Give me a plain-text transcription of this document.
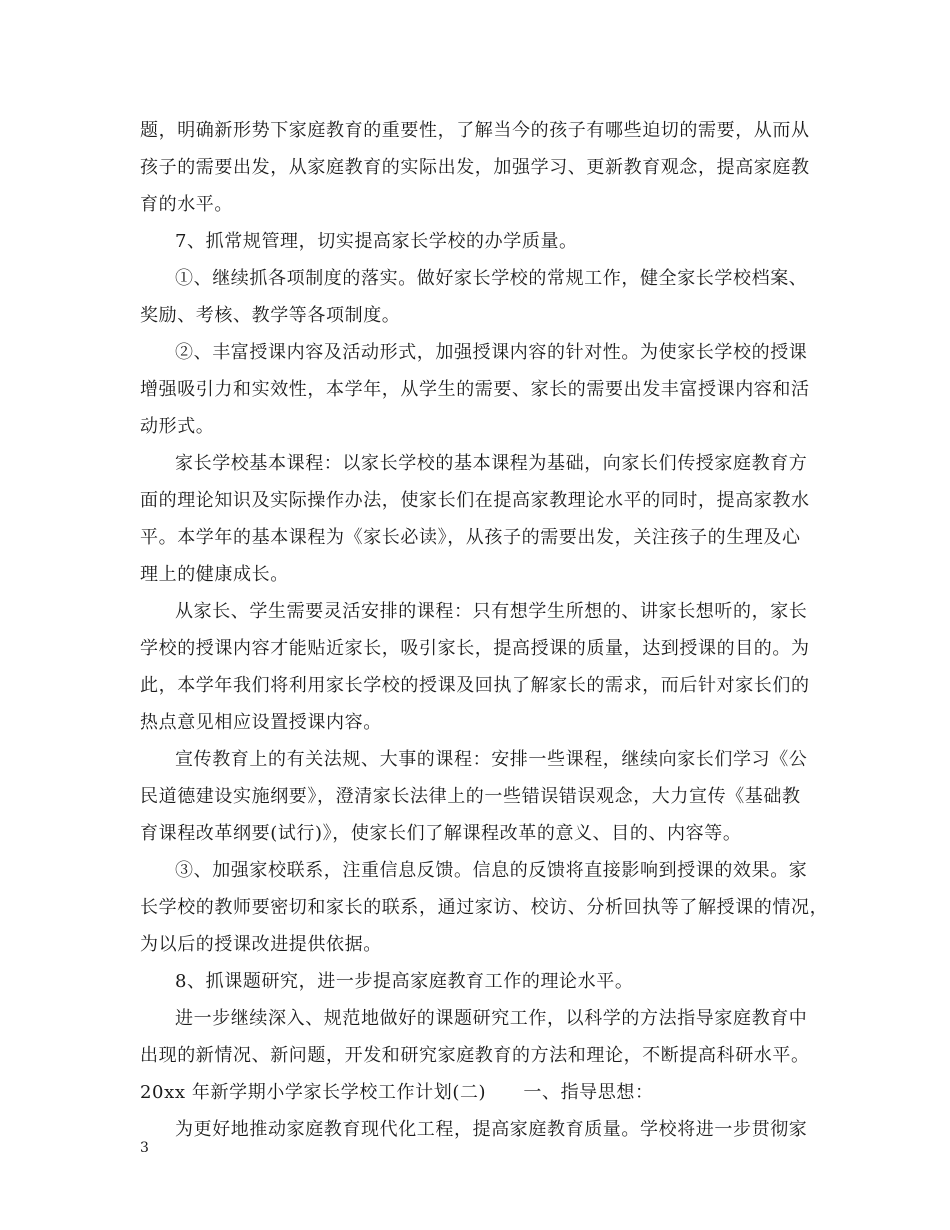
题，明确新形势下家庭教育的重要性，了解当今的孩子有哪些迫切的需要，从而从
孩子的需要出发，从家庭教育的实际出发，加强学习、更新教育观念，提高家庭教
育的水平。
7、抓常规管理，切实提高家长学校的办学质量。
①、继续抓各项制度的落实。做好家长学校的常规工作，健全家长学校档案、
奖励、考核、教学等各项制度。
②、丰富授课内容及活动形式，加强授课内容的针对性。为使家长学校的授课
增强吸引力和实效性，本学年，从学生的需要、家长的需要出发丰富授课内容和活
动形式。
家长学校基本课程：以家长学校的基本课程为基础，向家长们传授家庭教育方
面的理论知识及实际操作办法，使家长们在提高家教理论水平的同时，提高家教水
平。本学年的基本课程为《家长必读》，从孩子的需要出发，关注孩子的生理及心
理上的健康成长。
从家长、学生需要灵活安排的课程：只有想学生所想的、讲家长想听的，家长
学校的授课内容才能贴近家长，吸引家长，提高授课的质量，达到授课的目的。为
此，本学年我们将利用家长学校的授课及回执了解家长的需求，而后针对家长们的
热点意见相应设置授课内容。
宣传教育上的有关法规、大事的课程：安排一些课程，继续向家长们学习《公
民道德建设实施纲要》，澄清家长法律上的一些错误错误观念，大力宣传《基础教
育课程改革纲要(试行)》，使家长们了解课程改革的意义、目的、内容等。
③、加强家校联系，注重信息反馈。信息的反馈将直接影响到授课的效果。家
长学校的教师要密切和家长的联系，通过家访、校访、分析回执等了解授课的情况，
为以后的授课改进提供依据。
8、抓课题研究，进一步提高家庭教育工作的理论水平。
进一步继续深入、规范地做好的课题研究工作，以科学的方法指导家庭教育中
出现的新情况、新问题，开发和研究家庭教育的方法和理论，不断提高科研水平。
20xx 年新学期小学家长学校工作计划(二)　　一、指导思想：
为更好地推动家庭教育现代化工程，提高家庭教育质量。学校将进一步贯彻家
3
